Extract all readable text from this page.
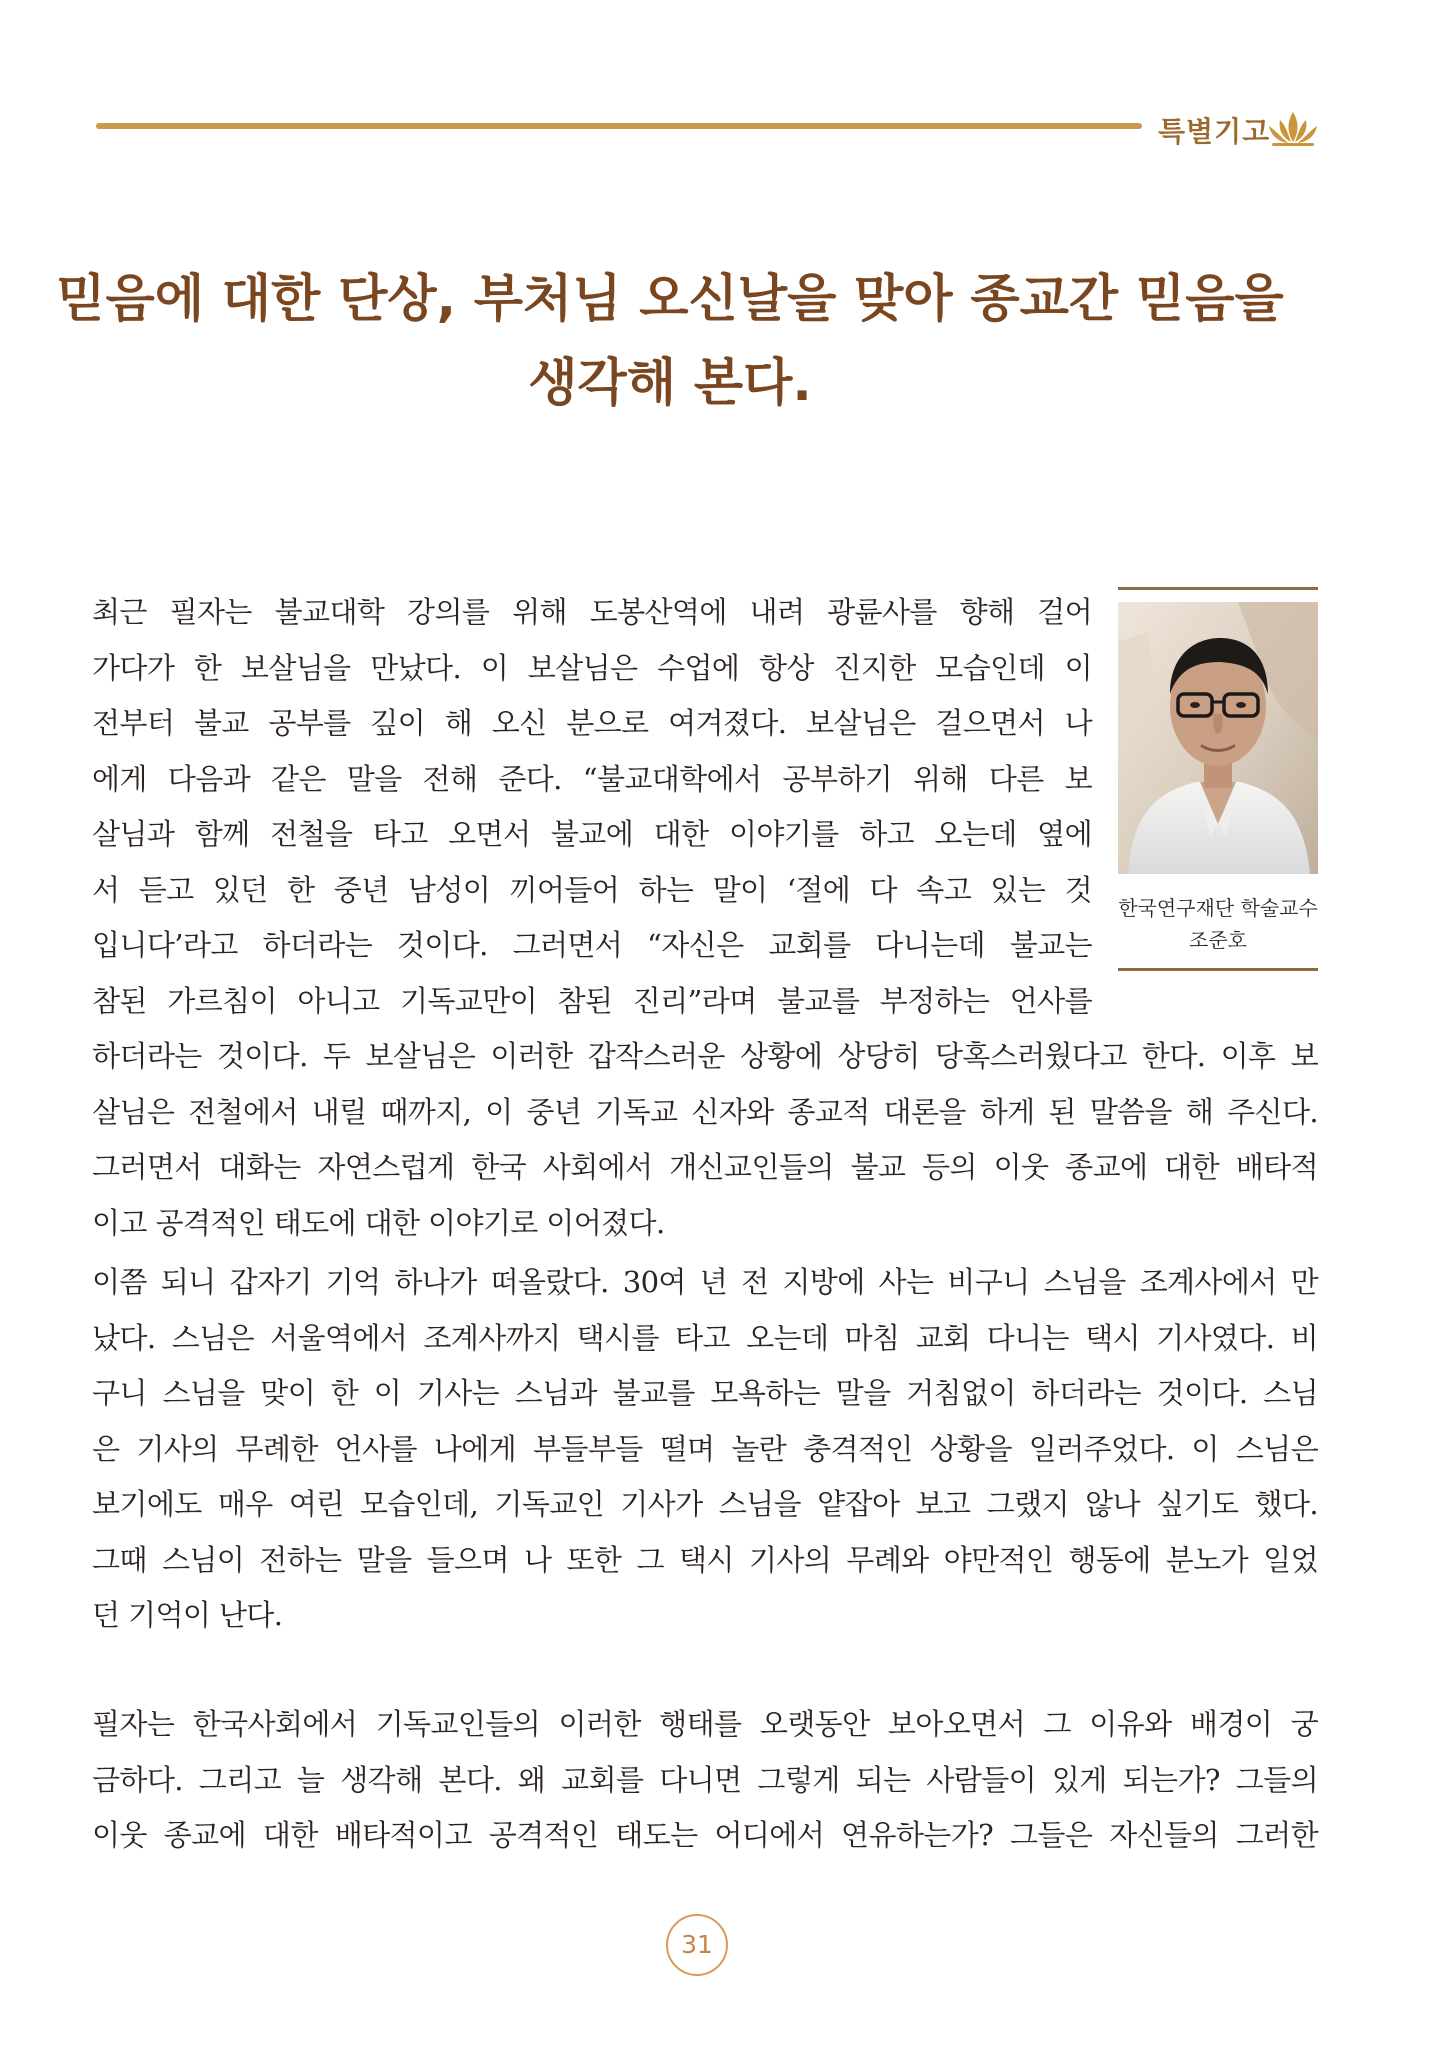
특별기고
믿음에 대한 단상, 부처님 오신날을 맞아 종교간 믿음을
생각해 본다.
한국연구재단 학술교수
조준호
최근 필자는 불교대학 강의를 위해 도봉산역에 내려 광륜사를 향해 걸어
가다가 한 보살님을 만났다. 이 보살님은 수업에 항상 진지한 모습인데 이
전부터 불교 공부를 깊이 해 오신 분으로 여겨졌다. 보살님은 걸으면서 나
에게 다음과 같은 말을 전해 준다. “불교대학에서 공부하기 위해 다른 보
살님과 함께 전철을 타고 오면서 불교에 대한 이야기를 하고 오는데 옆에
서 듣고 있던 한 중년 남성이 끼어들어 하는 말이 ‘절에 다 속고 있는 것
입니다’라고 하더라는 것이다. 그러면서 “자신은 교회를 다니는데 불교는
참된 가르침이 아니고 기독교만이 참된 진리”라며 불교를 부정하는 언사를
하더라는 것이다. 두 보살님은 이러한 갑작스러운 상황에 상당히 당혹스러웠다고 한다. 이후 보
살님은 전철에서 내릴 때까지, 이 중년 기독교 신자와 종교적 대론을 하게 된 말씀을 해 주신다.
그러면서 대화는 자연스럽게 한국 사회에서 개신교인들의 불교 등의 이웃 종교에 대한 배타적
이고 공격적인 태도에 대한 이야기로 이어졌다.
이쯤 되니 갑자기 기억 하나가 떠올랐다. 30여 년 전 지방에 사는 비구니 스님을 조계사에서 만
났다. 스님은 서울역에서 조계사까지 택시를 타고 오는데 마침 교회 다니는 택시 기사였다. 비
구니 스님을 맞이 한 이 기사는 스님과 불교를 모욕하는 말을 거침없이 하더라는 것이다. 스님
은 기사의 무례한 언사를 나에게 부들부들 떨며 놀란 충격적인 상황을 일러주었다. 이 스님은
보기에도 매우 여린 모습인데, 기독교인 기사가 스님을 얕잡아 보고 그랬지 않나 싶기도 했다.
그때 스님이 전하는 말을 들으며 나 또한 그 택시 기사의 무례와 야만적인 행동에 분노가 일었
던 기억이 난다.
필자는 한국사회에서 기독교인들의 이러한 행태를 오랫동안 보아오면서 그 이유와 배경이 궁
금하다. 그리고 늘 생각해 본다. 왜 교회를 다니면 그렇게 되는 사람들이 있게 되는가? 그들의
이웃 종교에 대한 배타적이고 공격적인 태도는 어디에서 연유하는가? 그들은 자신들의 그러한
31
